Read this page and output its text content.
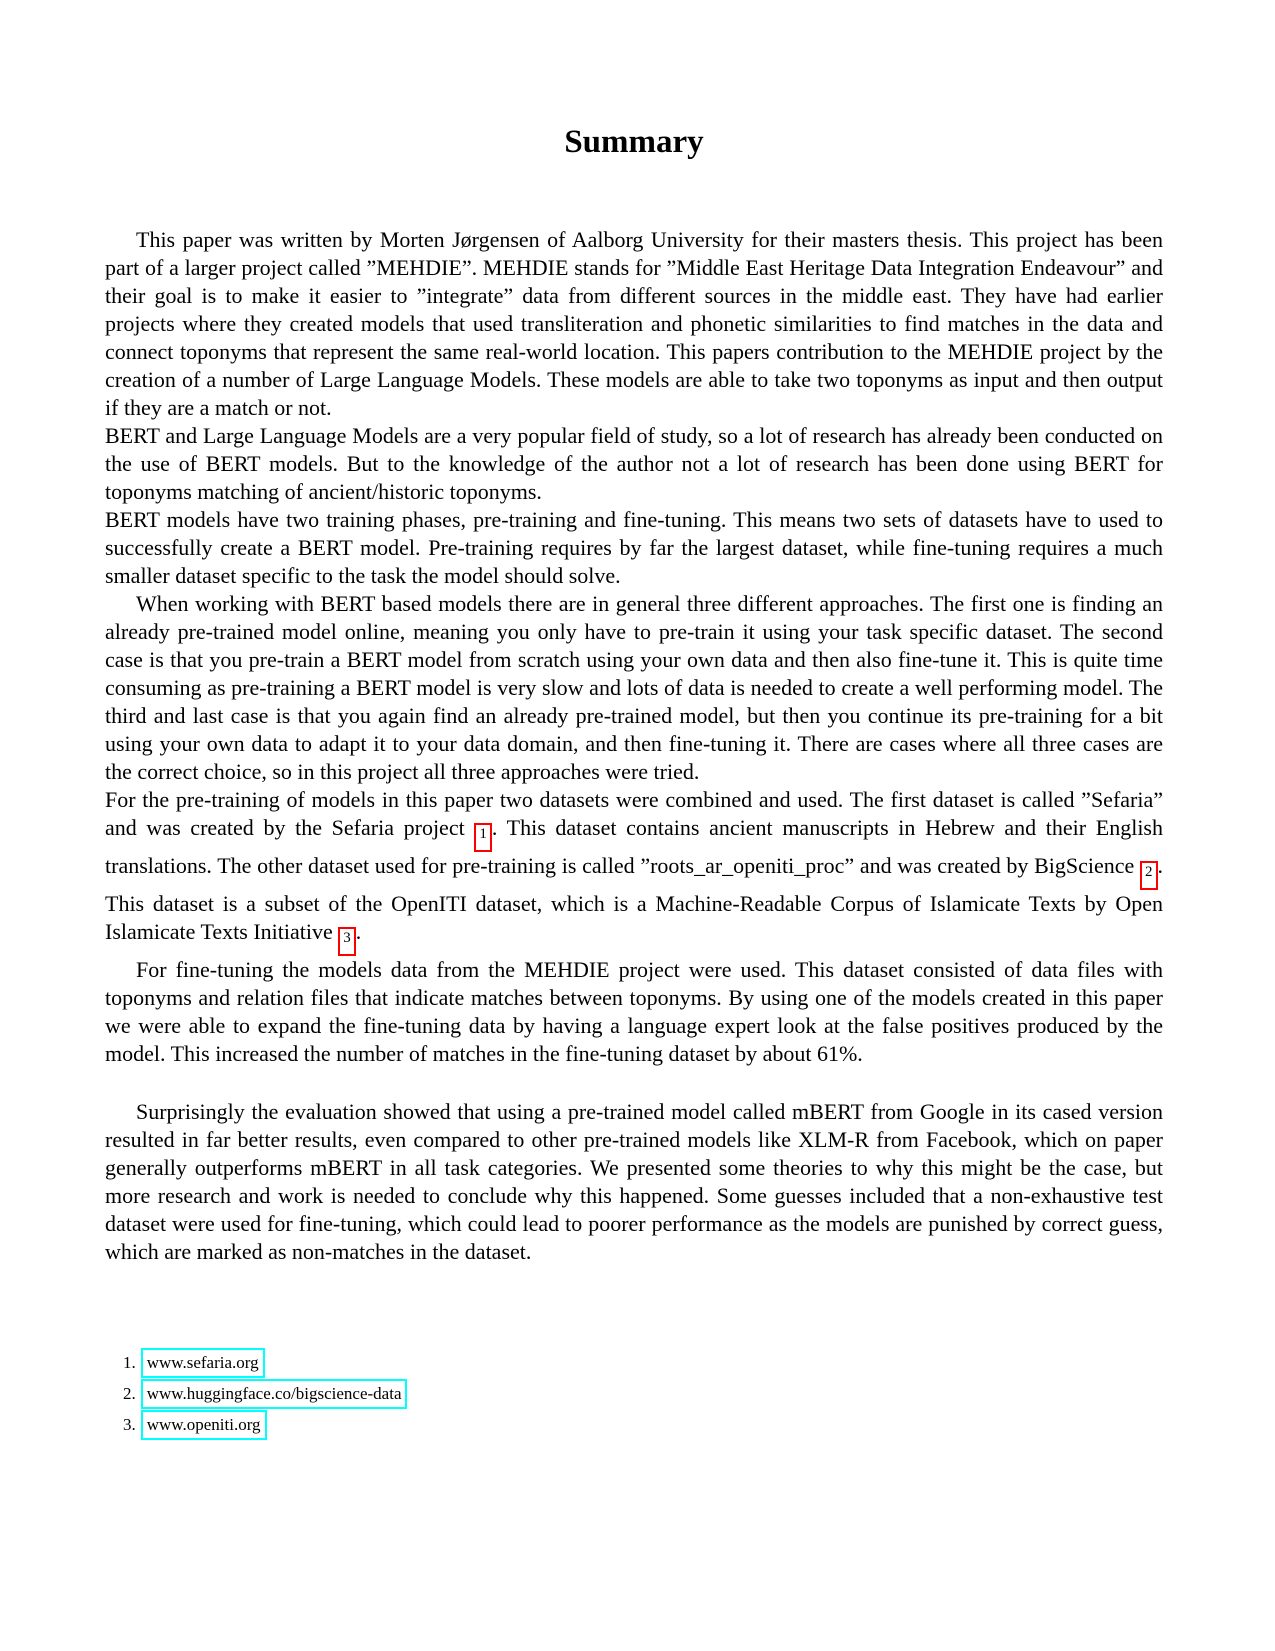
Summary

This paper was written by Morten Jørgensen of Aalborg University for their masters thesis. This project has been part of a larger project called ”MEHDIE”. MEHDIE stands for ”Middle East Heritage Data Integration Endeavour” and their goal is to make it easier to ”integrate” data from different sources in the middle east. They have had earlier projects where they created models that used transliteration and phonetic similarities to find matches in the data and connect toponyms that represent the same real-world location. This papers contribution to the MEHDIE project by the creation of a number of Large Language Models. These models are able to take two toponyms as input and then output if they are a match or not.

BERT and Large Language Models are a very popular field of study, so a lot of research has already been conducted on the use of BERT models. But to the knowledge of the author not a lot of research has been done using BERT for toponyms matching of ancient/historic toponyms.

BERT models have two training phases, pre-training and fine-tuning. This means two sets of datasets have to used to successfully create a BERT model. Pre-training requires by far the largest dataset, while fine-tuning requires a much smaller dataset specific to the task the model should solve.

When working with BERT based models there are in general three different approaches. The first one is finding an already pre-trained model online, meaning you only have to pre-train it using your task specific dataset. The second case is that you pre-train a BERT model from scratch using your own data and then also fine-tune it. This is quite time consuming as pre-training a BERT model is very slow and lots of data is needed to create a well performing model. The third and last case is that you again find an already pre-trained model, but then you continue its pre-training for a bit using your own data to adapt it to your data domain, and then fine-tuning it. There are cases where all three cases are the correct choice, so in this project all three approaches were tried.

For the pre-training of models in this paper two datasets were combined and used. The first dataset is called ”Sefaria” and was created by the Sefaria project 1 . This dataset contains ancient manuscripts in Hebrew and their English translations. The other dataset used for pre-training is called ”roots_ar_openiti_proc” and was created by BigScience 2 . This dataset is a subset of the OpenITI dataset, which is a Machine-Readable Corpus of Islamicate Texts by Open Islamicate Texts Initiative 3 .

For fine-tuning the models data from the MEHDIE project were used. This dataset consisted of data files with toponyms and relation files that indicate matches between toponyms. By using one of the models created in this paper we were able to expand the fine-tuning data by having a language expert look at the false positives produced by the model. This increased the number of matches in the fine-tuning dataset by about 61%.

Surprisingly the evaluation showed that using a pre-trained model called mBERT from Google in its cased version resulted in far better results, even compared to other pre-trained models like XLM-R from Facebook, which on paper generally outperforms mBERT in all task categories. We presented some theories to why this might be the case, but more research and work is needed to conclude why this happened. Some guesses included that a non-exhaustive test dataset were used for fine-tuning, which could lead to poorer performance as the models are punished by correct guess, which are marked as non-matches in the dataset.

1. www.sefaria.org
2. www.huggingface.co/bigscience-data
3. www.openiti.org
